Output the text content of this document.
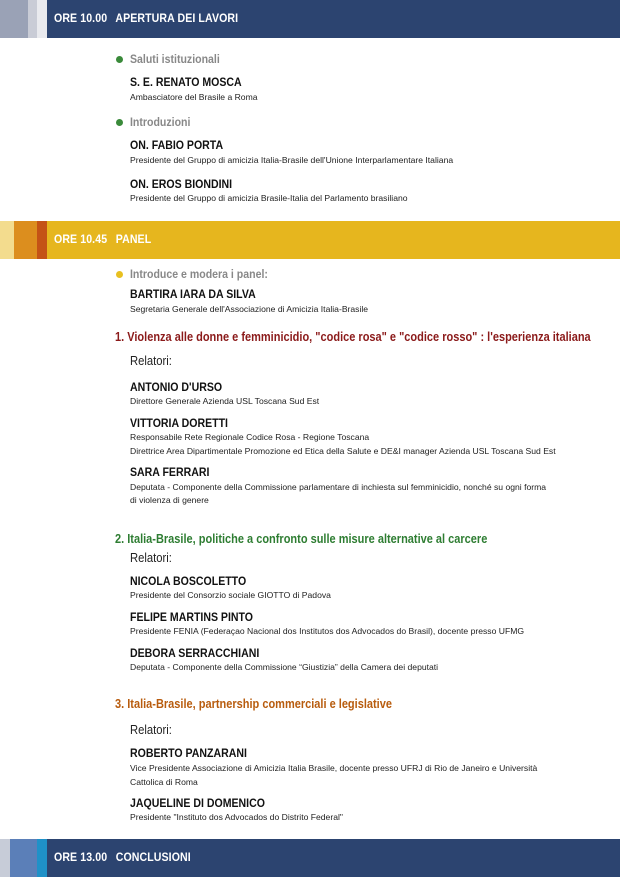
ORE 10.00 APERTURA DEI LAVORI
Saluti istituzionali
S. E. RENATO MOSCA
Ambasciatore del Brasile a Roma
Introduzioni
ON. FABIO PORTA
Presidente del Gruppo di amicizia Italia-Brasile dell'Unione Interparlamentare Italiana
ON. EROS BIONDINI
Presidente del Gruppo di amicizia Brasile-Italia del Parlamento brasiliano
ORE 10.45 PANEL
Introduce e modera i panel:
BARTIRA IARA DA SILVA
Segretaria Generale dell'Associazione di Amicizia Italia-Brasile
1. Violenza alle donne e femminicidio, "codice rosa" e "codice rosso" : l'esperienza italiana
Relatori:
ANTONIO D'URSO
Direttore Generale Azienda USL Toscana Sud Est
VITTORIA DORETTI
Responsabile Rete Regionale Codice Rosa - Regione Toscana
Direttrice Area Dipartimentale Promozione ed Etica della Salute e DE&I manager Azienda USL Toscana Sud Est
SARA FERRARI
Deputata - Componente della Commissione parlamentare di inchiesta sul femminicidio, nonché su ogni forma
di violenza di genere
2. Italia-Brasile, politiche a confronto sulle misure alternative al carcere
Relatori:
NICOLA BOSCOLETTO
Presidente del Consorzio sociale GIOTTO di Padova
FELIPE MARTINS PINTO
Presidente FENIA (Federaçao Nacional dos Institutos dos Advocados do Brasil), docente presso UFMG
DEBORA SERRACCHIANI
Deputata - Componente della Commissione “Giustizia” della Camera dei deputati
3. Italia-Brasile, partnership commerciali e legislative
Relatori:
ROBERTO PANZARANI
Vice Presidente Associazione di Amicizia Italia Brasile, docente presso UFRJ di Rio de Janeiro e Università
Cattolica di Roma
JAQUELINE DI DOMENICO
Presidente "Instituto dos Advocados do Distrito Federal"
ORE 13.00 CONCLUSIONI
